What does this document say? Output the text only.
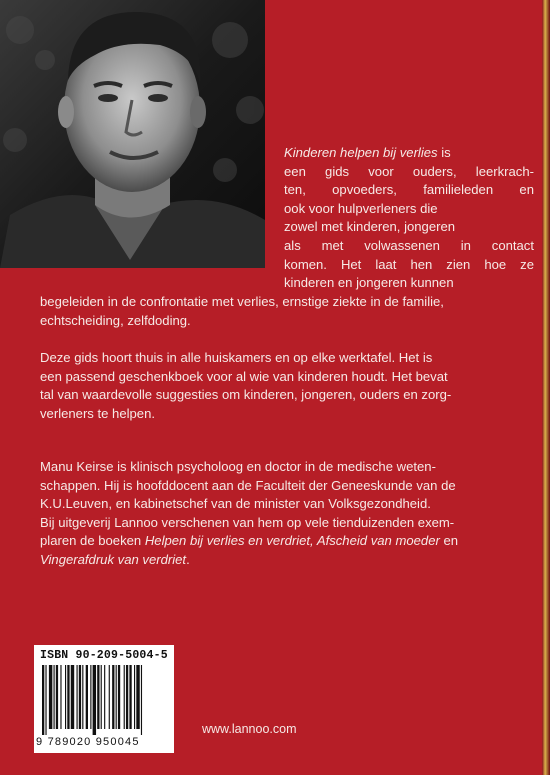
Kinderen helpen bij verlies is
een gids voor ouders, leerkrach-
ten, opvoeders, familieleden en
ook voor hulpverleners die
zowel met kinderen, jongeren
als met volwassenen in contact
komen. Het laat hen zien hoe ze
kinderen en jongeren kunnen
begeleiden in de confrontatie met verlies, ernstige ziekte in de familie,
echtscheiding, zelfdoding.
Deze gids hoort thuis in alle huiskamers en op elke werktafel. Het is
een passend geschenkboek voor al wie van kinderen houdt. Het bevat
tal van waardevolle suggesties om kinderen, jongeren, ouders en zorg-
verleners te helpen.
Manu Keirse is klinisch psycholoog en doctor in de medische weten-
schappen. Hij is hoofddocent aan de Faculteit der Geneeskunde van de
K.U.Leuven, en kabinetschef van de minister van Volksgezondheid.
Bij uitgeverij Lannoo verschenen van hem op vele tienduizenden exem-
plaren de boeken Helpen bij verlies en verdriet, Afscheid van moeder en
Vingerafdruk van verdriet.
ISBN 90-209-5004-5
9 789020 950045
www.lannoo.com
